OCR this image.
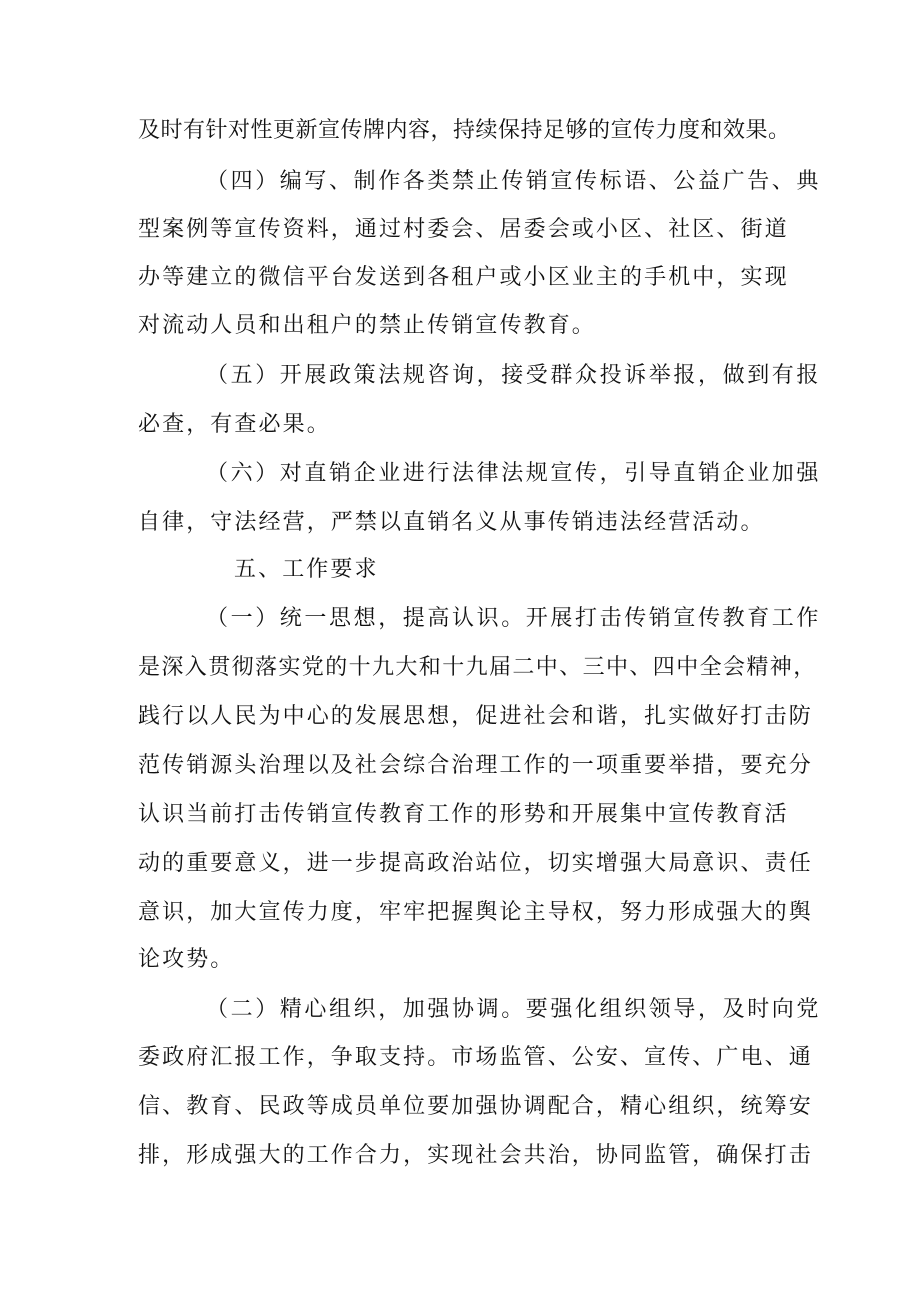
及时有针对性更新宣传牌内容，持续保持足够的宣传力度和效果。
（四）编写、制作各类禁止传销宣传标语、公益广告、典
型案例等宣传资料，通过村委会、居委会或小区、社区、街道
办等建立的微信平台发送到各租户或小区业主的手机中，实现
对流动人员和出租户的禁止传销宣传教育。
（五）开展政策法规咨询，接受群众投诉举报，做到有报
必查，有查必果。
（六）对直销企业进行法律法规宣传，引导直销企业加强
自律，守法经营，严禁以直销名义从事传销违法经营活动。
五、工作要求
（一）统一思想，提高认识。开展打击传销宣传教育工作
是深入贯彻落实党的十九大和十九届二中、三中、四中全会精神，
践行以人民为中心的发展思想，促进社会和谐，扎实做好打击防
范传销源头治理以及社会综合治理工作的一项重要举措，要充分
认识当前打击传销宣传教育工作的形势和开展集中宣传教育活
动的重要意义，进一步提高政治站位，切实增强大局意识、责任
意识，加大宣传力度，牢牢把握舆论主导权，努力形成强大的舆
论攻势。
（二）精心组织，加强协调。要强化组织领导，及时向党
委政府汇报工作，争取支持。市场监管、公安、宣传、广电、通
信、教育、民政等成员单位要加强协调配合，精心组织，统筹安
排，形成强大的工作合力，实现社会共治，协同监管，确保打击
